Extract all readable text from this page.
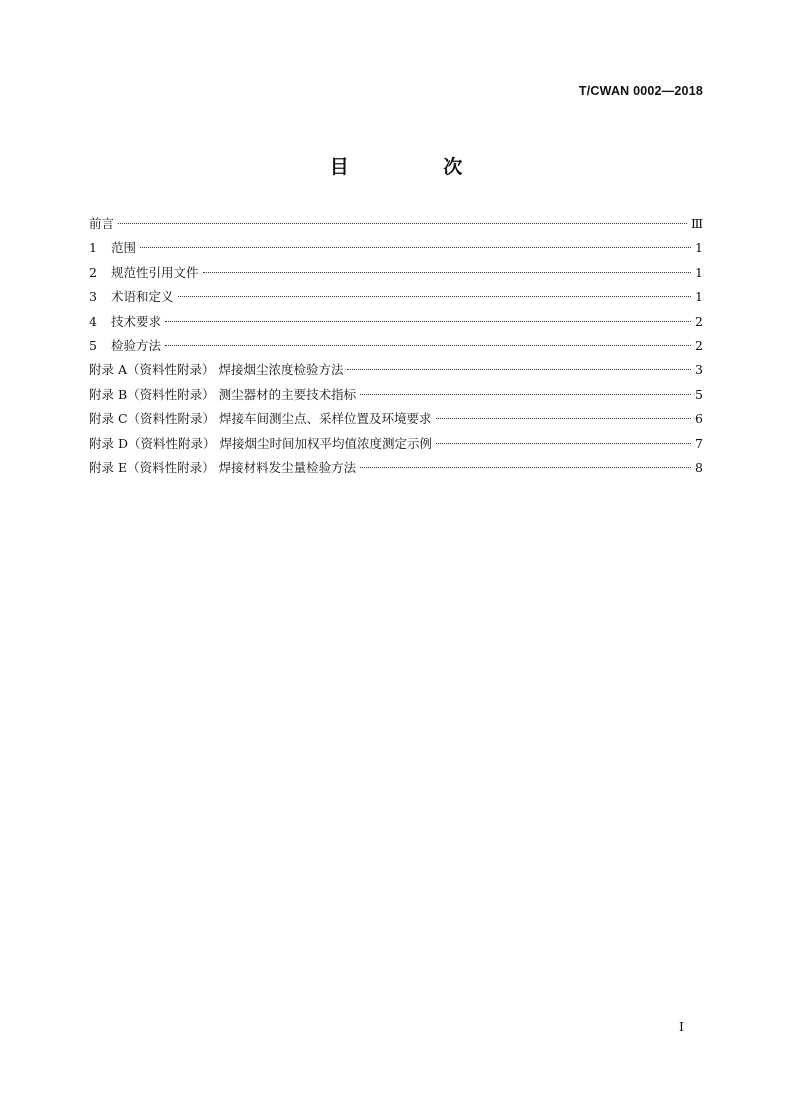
T/CWAN 0002—2018
目 次
前言	Ⅲ
1	范围	1
2	规范性引用文件	1
3	术语和定义	1
4	技术要求	2
5	检验方法	2
附录 A（资料性附录） 焊接烟尘浓度检验方法	3
附录 B（资料性附录） 测尘器材的主要技术指标	5
附录 C（资料性附录） 焊接车间测尘点、采样位置及环境要求	6
附录 D（资料性附录） 焊接烟尘时间加权平均值浓度测定示例	7
附录 E（资料性附录） 焊接材料发尘量检验方法	8
I
